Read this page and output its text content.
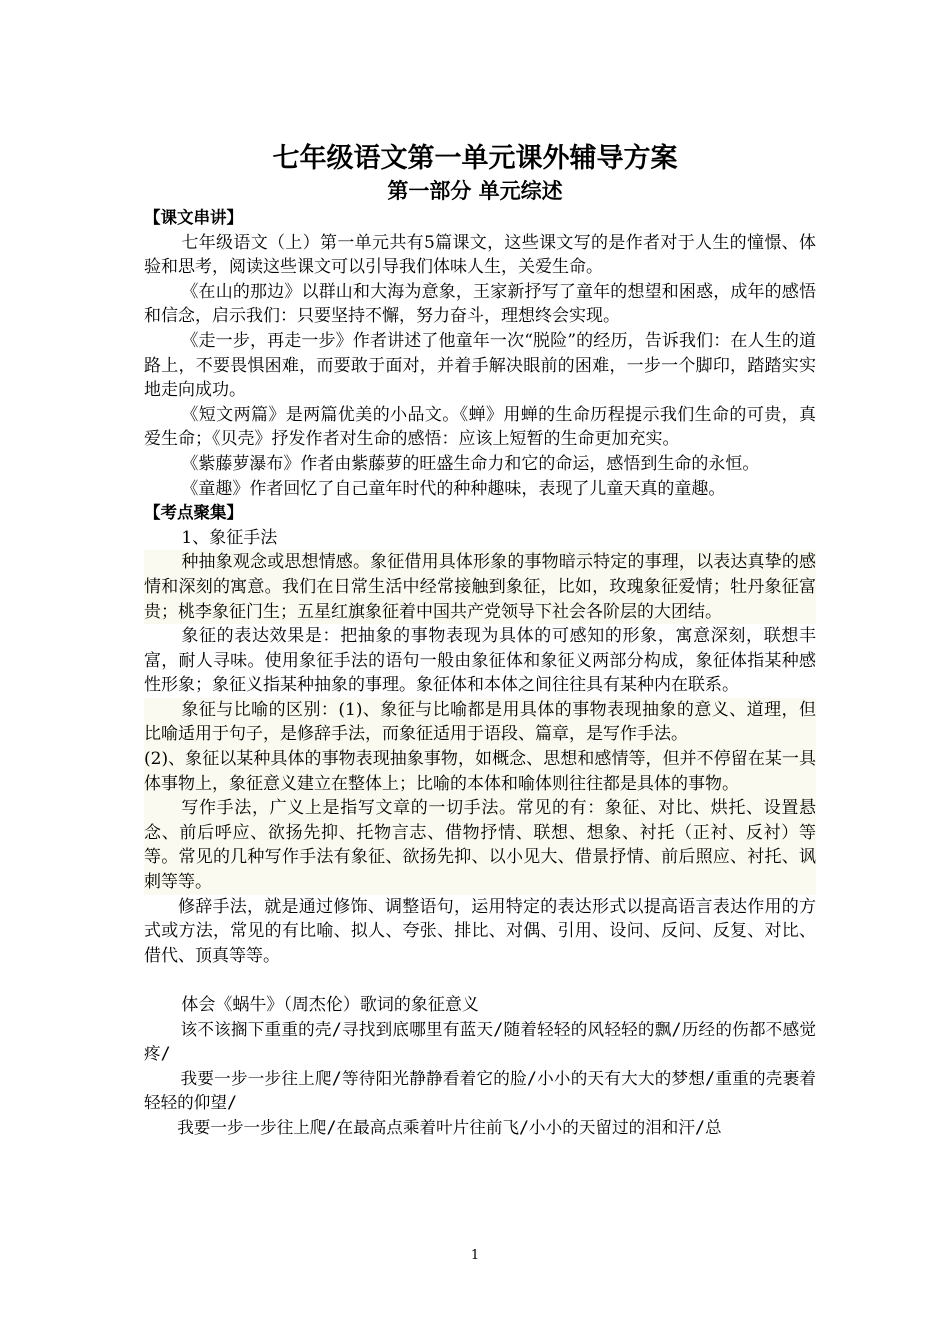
七年级语文第一单元课外辅导方案
第一部分 单元综述

【课文串讲】

七年级语文（上）第一单元共有5篇课文，这些课文写的是作者对于人生的憧憬、体验和思考，阅读这些课文可以引导我们体味人生，关爱生命。

《在山的那边》以群山和大海为意象，王家新抒写了童年的想望和困惑，成年的感悟和信念，启示我们：只要坚持不懈，努力奋斗，理想终会实现。

《走一步，再走一步》作者讲述了他童年一次“脱险”的经历，告诉我们：在人生的道路上，不要畏惧困难，而要敢于面对，并着手解决眼前的困难，一步一个脚印，踏踏实实地走向成功。

《短文两篇》是两篇优美的小品文。《蝉》用蝉的生命历程提示我们生命的可贵，真爱生命；《贝壳》抒发作者对生命的感悟：应该上短暂的生命更加充实。

《紫藤萝瀑布》作者由紫藤萝的旺盛生命力和它的命运，感悟到生命的永恒。

《童趣》作者回忆了自己童年时代的种种趣味，表现了儿童天真的童趣。

【考点聚集】

1、象征手法

种抽象观念或思想情感。象征借用具体形象的事物暗示特定的事理，以表达真挚的感情和深刻的寓意。我们在日常生活中经常接触到象征，比如，玫瑰象征爱情；牡丹象征富贵；桃李象征门生；五星红旗象征着中国共产党领导下社会各阶层的大团结。

象征的表达效果是：把抽象的事物表现为具体的可感知的形象，寓意深刻，联想丰富，耐人寻味。使用象征手法的语句一般由象征体和象征义两部分构成，象征体指某种感性形象；象征义指某种抽象的事理。象征体和本体之间往往具有某种内在联系。

象征与比喻的区别：(1)、象征与比喻都是用具体的事物表现抽象的意义、道理，但比喻适用于句子，是修辞手法，而象征适用于语段、篇章，是写作手法。

(2)、象征以某种具体的事物表现抽象事物，如概念、思想和感情等，但并不停留在某一具体事物上，象征意义建立在整体上；比喻的本体和喻体则往往都是具体的事物。

写作手法，广义上是指写文章的一切手法。常见的有：象征、对比、烘托、设置悬念、前后呼应、欲扬先抑、托物言志、借物抒情、联想、想象、衬托（正衬、反衬）等等。常见的几种写作手法有象征、欲扬先抑、以小见大、借景抒情、前后照应、衬托、讽刺等等。

修辞手法，就是通过修饰、调整语句，运用特定的表达形式以提高语言表达作用的方式或方法，常见的有比喻、拟人、夸张、排比、对偶、引用、设问、反问、反复、对比、借代、顶真等等。

体会《蜗牛》（周杰伦）歌词的象征意义

该不该搁下重重的壳/寻找到底哪里有蓝天/随着轻轻的风轻轻的飘/历经的伤都不感觉疼/

我要一步一步往上爬/等待阳光静静看着它的脸/小小的天有大大的梦想/重重的壳裹着轻轻的仰望/

我要一步一步往上爬/在最高点乘着叶片往前飞/小小的天留过的泪和汗/总

1
